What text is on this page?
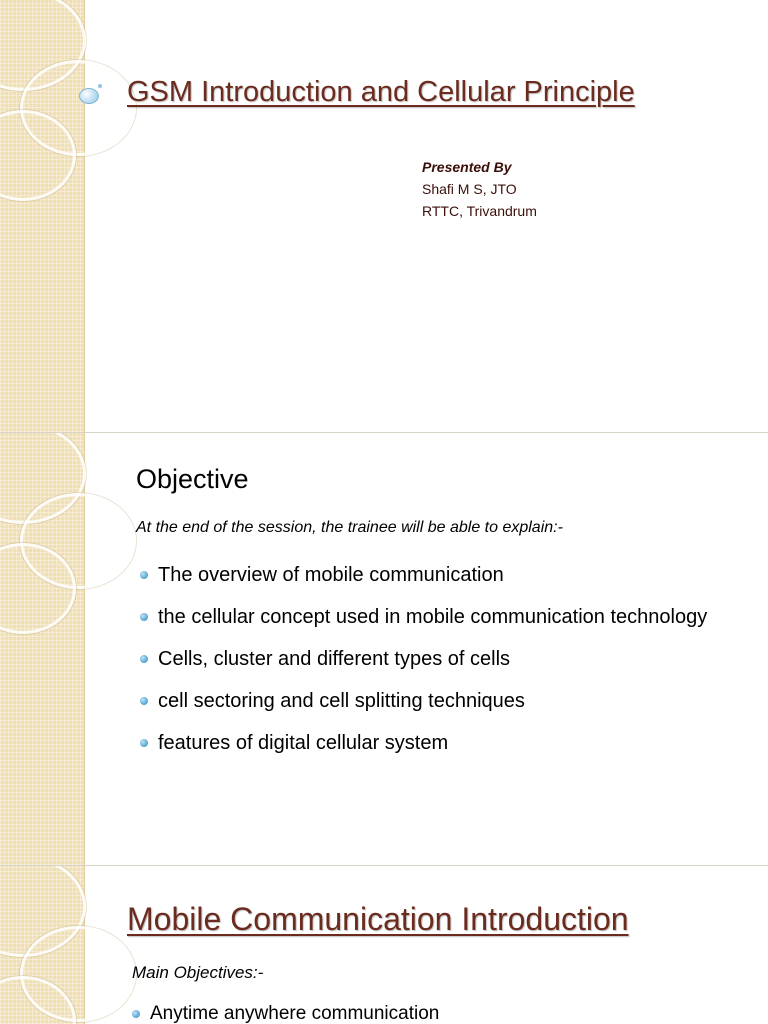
GSM Introduction and Cellular Principle
Presented By
Shafi M S, JTO
RTTC, Trivandrum
Objective

At the end of the session, the trainee will be able to explain:-

The overview of mobile communication
the cellular concept used in mobile communication technology
Cells, cluster and different types of cells
cell sectoring and cell splitting techniques
features of digital cellular system
Mobile Communication Introduction

Main Objectives:-

Anytime anywhere communication
